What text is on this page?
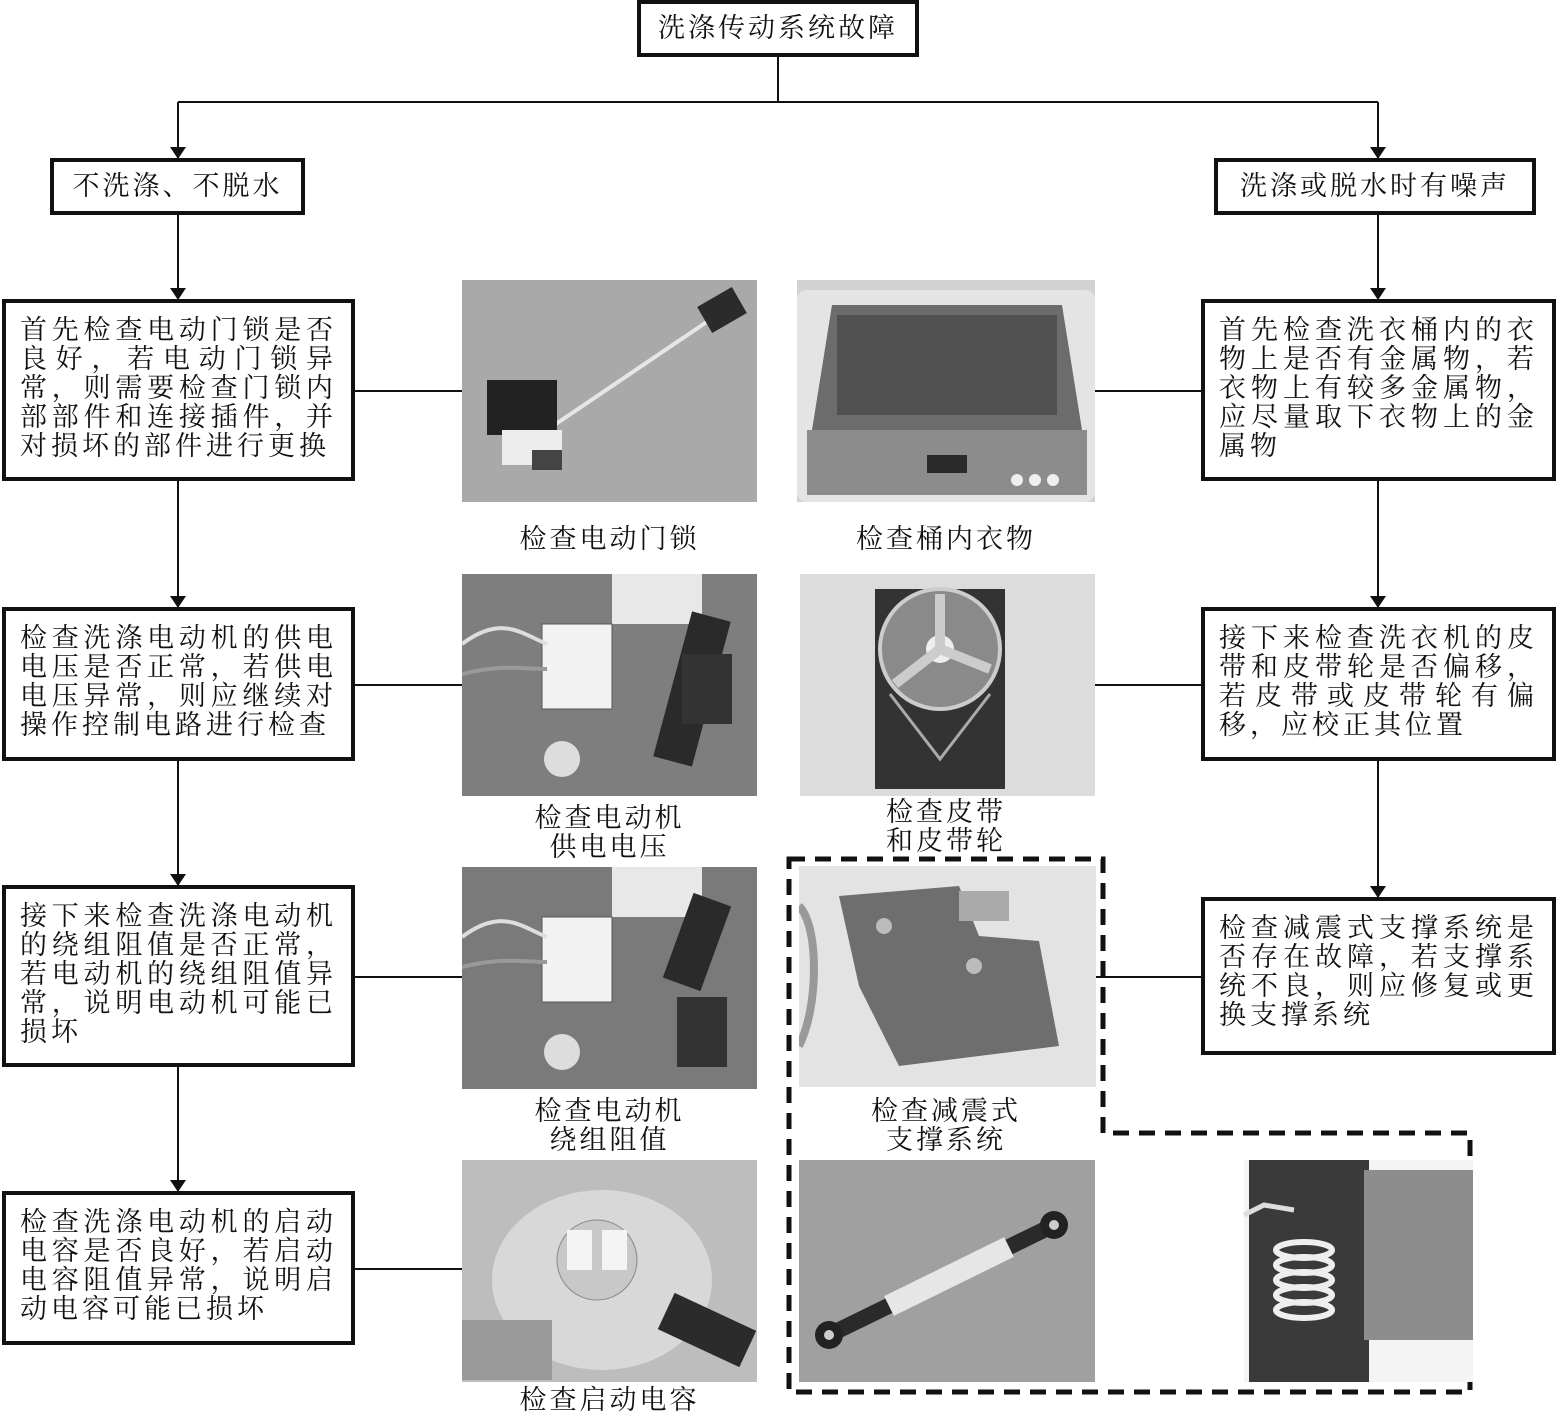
洗涤传动系统故障
不洗涤、不脱水	洗涤或脱水时有噪声
首先检查电动门锁是否良好，若电动门锁异常，则需要检查门锁内部部件和连接插件，并对损坏的部件进行更换
检查洗涤电动机的供电电压是否正常，若供电电压异常，则应继续对操作控制电路进行检查
接下来检查洗涤电动机的绕组阻值是否正常，若电动机的绕组阻值异常，说明电动机可能已损坏
检查洗涤电动机的启动电容是否良好，若启动电容阻值异常，说明启动电容可能已损坏
首先检查洗衣桶内的衣物上是否有金属物，若衣物上有较多金属物，应尽量取下衣物上的金属物
接下来检查洗衣机的皮带和皮带轮是否偏移，若皮带或皮带轮有偏移，应校正其位置
检查减震式支撑系统是否存在故障，若支撑系统不良，则应修复或更换支撑系统
检查电动门锁	检查桶内衣物
检查电动机
供电电压
检查皮带
和皮带轮
检查电动机
绕组阻值
检查减震式
支撑系统
检查启动电容
